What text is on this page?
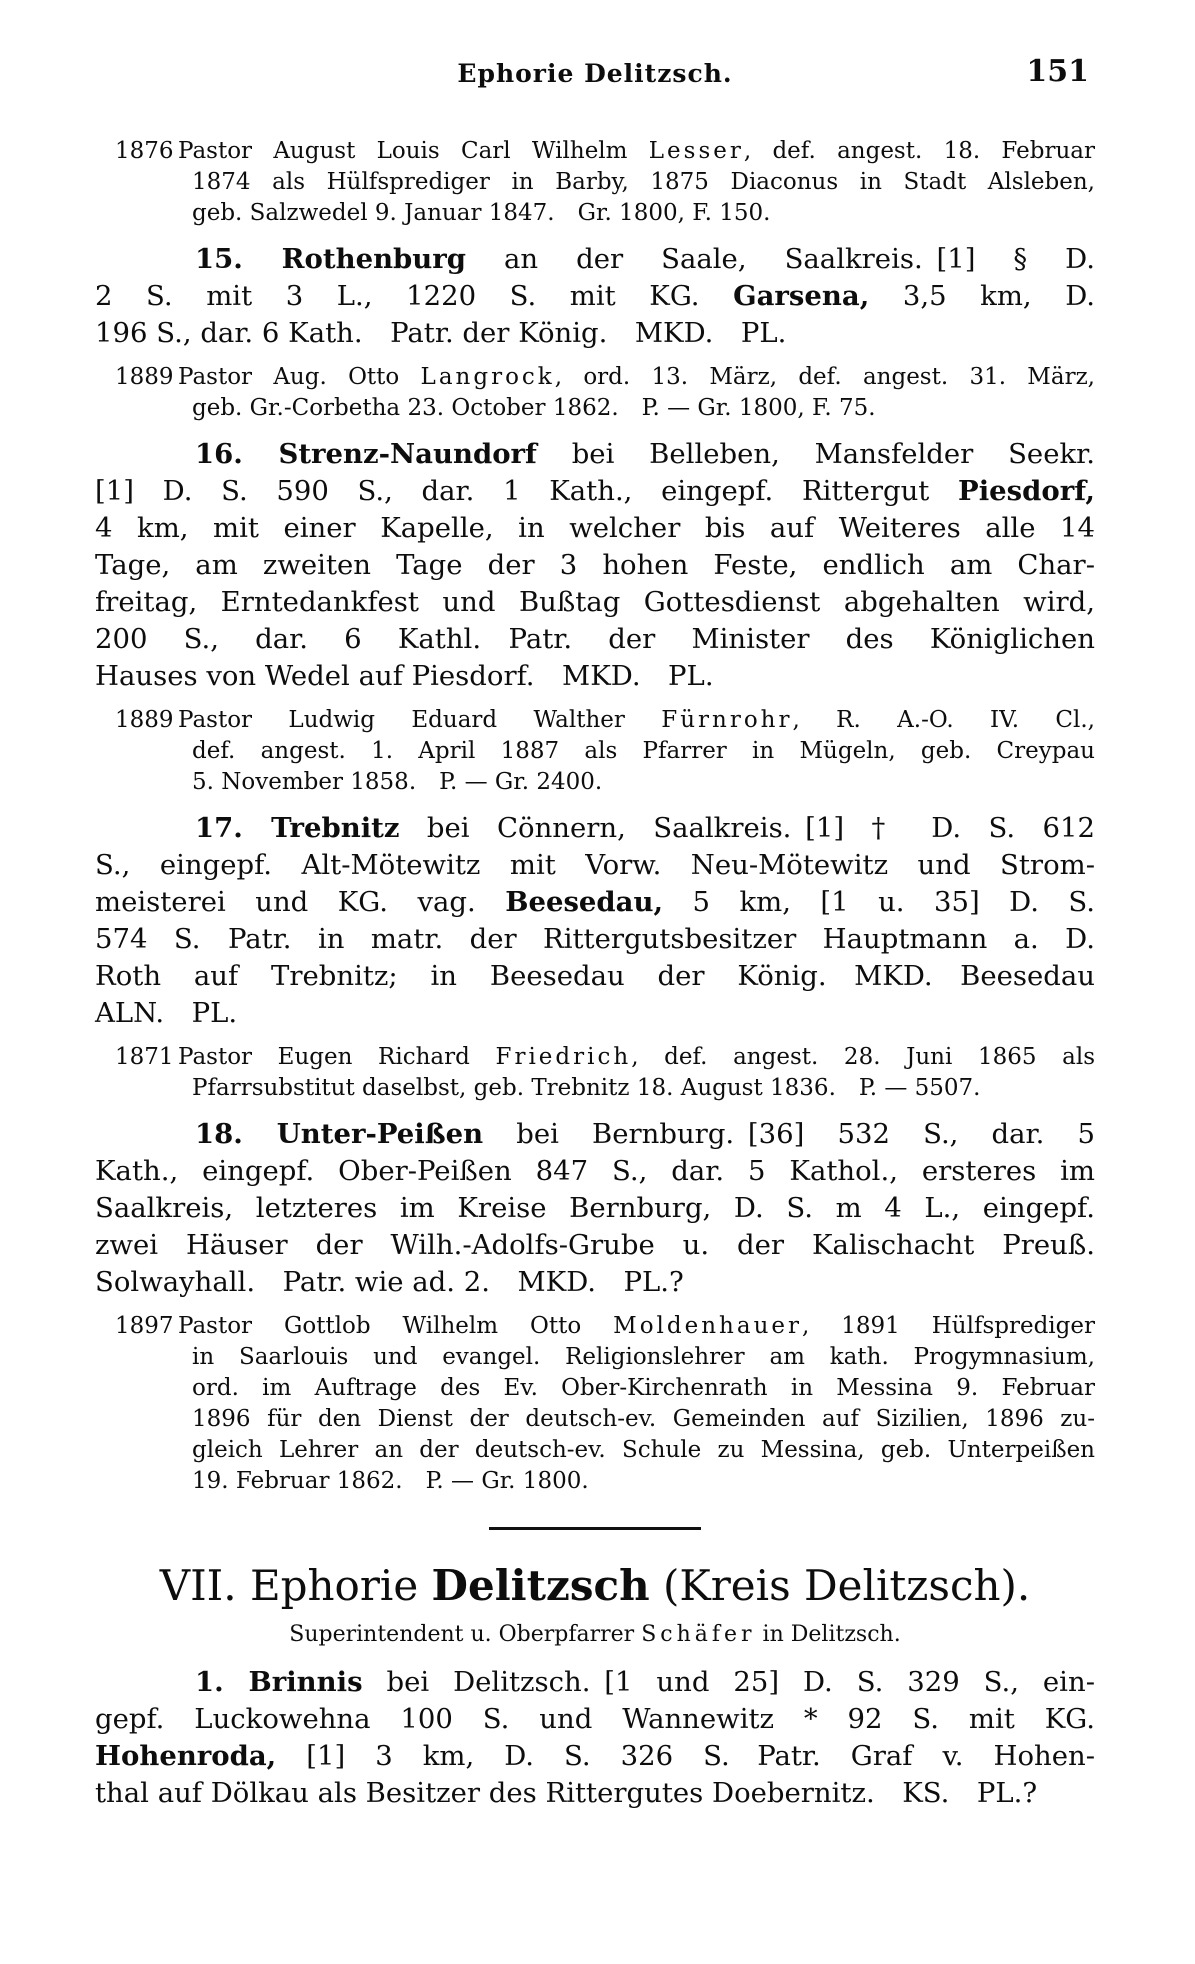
Ephorie Delitzsch.	151
1876 Pastor August Louis Carl Wilhelm Lesser, def. angest. 18. Februar
1874 als Hülfsprediger in Barby, 1875 Diaconus in Stadt Alsleben,
geb. Salzwedel 9. Januar 1847. Gr. 1800, F. 150.
15. Rothenburg an der Saale, Saalkreis. [1] § D.
2 S. mit 3 L., 1220 S. mit KG. Garsena, 3,5 km, D.
196 S., dar. 6 Kath. Patr. der König. MKD. PL.
1889 Pastor Aug. Otto Langrock, ord. 13. März, def. angest. 31. März,
geb. Gr.-Corbetha 23. October 1862. P. — Gr. 1800, F. 75.
16. Strenz-Naundorf bei Belleben, Mansfelder Seekr.
[1] D. S. 590 S., dar. 1 Kath., eingepf. Rittergut Piesdorf,
4 km, mit einer Kapelle, in welcher bis auf Weiteres alle 14
Tage, am zweiten Tage der 3 hohen Feste, endlich am Char-
freitag, Erntedankfest und Bußtag Gottesdienst abgehalten wird,
200 S., dar. 6 Kathl. Patr. der Minister des Königlichen
Hauses von Wedel auf Piesdorf. MKD. PL.
1889 Pastor Ludwig Eduard Walther Fürnrohr, R. A.-O. IV. Cl.,
def. angest. 1. April 1887 als Pfarrer in Mügeln, geb. Creypau
5. November 1858. P. — Gr. 2400.
17. Trebnitz bei Cönnern, Saalkreis. [1] † D. S. 612
S., eingepf. Alt-Mötewitz mit Vorw. Neu-Mötewitz und Strom-
meisterei und KG. vag. Beesedau, 5 km, [1 u. 35] D. S.
574 S. Patr. in matr. der Rittergutsbesitzer Hauptmann a. D.
Roth auf Trebnitz; in Beesedau der König. MKD. Beesedau
ALN. PL.
1871 Pastor Eugen Richard Friedrich, def. angest. 28. Juni 1865 als
Pfarrsubstitut daselbst, geb. Trebnitz 18. August 1836. P. — 5507.
18. Unter-Peißen bei Bernburg. [36] 532 S., dar. 5
Kath., eingepf. Ober-Peißen 847 S., dar. 5 Kathol., ersteres im
Saalkreis, letzteres im Kreise Bernburg, D. S. m 4 L., eingepf.
zwei Häuser der Wilh.-Adolfs-Grube u. der Kalischacht Preuß.
Solwayhall. Patr. wie ad. 2. MKD. PL.?
1897 Pastor Gottlob Wilhelm Otto Moldenhauer, 1891 Hülfsprediger
in Saarlouis und evangel. Religionslehrer am kath. Progymnasium,
ord. im Auftrage des Ev. Ober-Kirchenrath in Messina 9. Februar
1896 für den Dienst der deutsch-ev. Gemeinden auf Sizilien, 1896 zu-
gleich Lehrer an der deutsch-ev. Schule zu Messina, geb. Unterpeißen
19. Februar 1862. P. — Gr. 1800.
VII. Ephorie Delitzsch (Kreis Delitzsch).
Superintendent u. Oberpfarrer Schäfer in Delitzsch.
1. Brinnis bei Delitzsch. [1 und 25] D. S. 329 S., ein-
gepf. Luckowehna 100 S. und Wannewitz * 92 S. mit KG.
Hohenroda, [1] 3 km, D. S. 326 S. Patr. Graf v. Hohen-
thal auf Dölkau als Besitzer des Rittergutes Doebernitz. KS. PL.?
